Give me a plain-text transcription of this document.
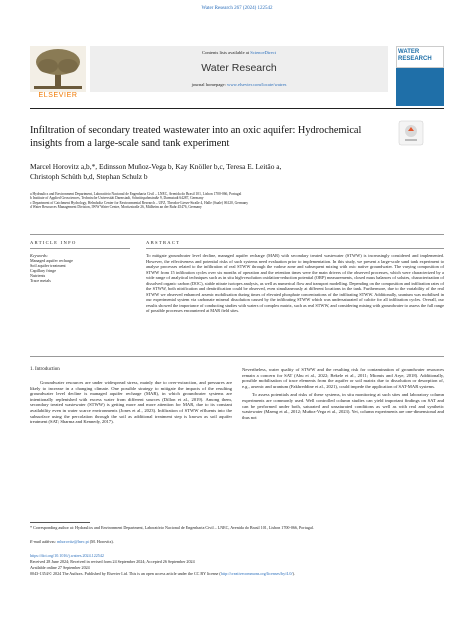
Water Research 267 (2024) 122542
ELSEVIER
Contents lists available at ScienceDirect
Water Research
journal homepage: www.elsevier.com/locate/watres
WATER RESEARCH
Infiltration of secondary treated wastewater into an oxic aquifer: Hydrochemical insights from a large-scale sand tank experiment
Marcel Horovitz a,b,*, Edinsson Muñoz-Vega b, Kay Knöller b,c, Teresa E. Leitão a,
Christoph Schüth b,d, Stephan Schulz b
a Hydraulics and Environment Department, Laboratório Nacional de Engenharia Civil – LNEC, Avenida do Brasil 101, Lisbon 1700-066, Portugal
b Institute of Applied Geosciences, Technische Universität Darmstadt, Schnittspahnstraße 9, Darmstadt 64287, Germany
c Department of Catchment Hydrology, Helmholtz Center for Environmental Research – UFZ, Theodor-Lieser-Straße 4, Halle (Saale) 06120, Germany
d Water Resources Management Division, IWW Water Centre, Moritzstraße 26, Mülheim an der Ruhr 45476, Germany
ARTICLE INFO
Keywords:
Managed aquifer recharge
Soil aquifer treatment
Capillary fringe
Nutrients
Trace metals
ABSTRACT
To mitigate groundwater level decline, managed aquifer recharge (MAR) with secondary treated wastewater (STWW) is increasingly considered and implemented. However, the effectiveness and potential risks of such systems need evaluation prior to implementation. In this study, we present a large-scale sand tank experiment to analyse processes related to the infiltration of real STWW through the vadose zone and subsequent mixing with oxic native groundwater. The varying composition of STWW from 15 infiltration cycles over six months of operation and the retention times were the main drivers of the observed processes, which were characterized by a wide range of analytical techniques such as in situ high-resolution oxidation-reduction potential (ORP) measurements, closed mass balances of solutes, characterization of dissolved organic carbon (DOC), stable nitrate isotopes analysis, as well as numerical flow and transport modelling. Depending on the composition and infiltration rates of the STWW, both nitrification and denitrification could be observed, even simultaneously at different locations in the tank. Furthermore, due to the variability of the real STWW we observed enhanced arsenic mobilisation during times of elevated phosphate concentrations of the infiltrating STWW. Additionally, uranium was mobilised in our experimental system via carbonate mineral dissolution caused by the infiltrating STWW which was undersaturated of calcite for all infiltration cycles. Overall, our results showed the importance of conducting studies with waters of complex matrix, such as real STWW, and considering mixing with groundwater to assess the full range of possible processes encountered at MAR field sites.
1. Introduction
Groundwater resources are under widespread stress, mainly due to over-extraction, and pressures are likely to increase in a changing climate. One possible strategy to mitigate the impacts of the resulting groundwater level decline is managed aquifer recharge (MAR), in which groundwater systems are intentionally replenished with excess water from different sources (Dillon et al., 2019). Among them, secondary treated wastewater (STWW) is getting more and more attention for MAR, due to its constant availability even in water scarce environments (Jones et al., 2023). Infiltration of STWW effluents into the subsurface using the percolation through the soil as additional treatment step is known as soil aquifer treatment (SAT; Sharma and Kennedy, 2017).
Nevertheless, water quality of STWW and the resulting risk for contamination of groundwater resources remain a concern for SAT (Abu et al., 2022; Bekele et al., 2011; Miomis and Arye, 2018). Additionally, possible mobilisation of trace elements from the aquifer or soil matrix due to dissolution or desorption of, e.g., arsenic and uranium (Fakhreddine et al., 2021), could impede the application of SAT-MAR systems.
To assess potentials and risks of these systems, in situ monitoring at such sites and laboratory column experiments are commonly used. Well controlled column studies can yield important findings on SAT and can be performed under both, saturated and unsaturated conditions as well as with real and synthetic wastewater (Maeng et al., 2012; Muñoz-Vega et al., 2023). Yet, column experiments are one-dimensional and thus not
* Corresponding author at: Hydraulics and Environment Department, Laboratório Nacional de Engenharia Civil – LNEC, Avenida do Brasil 101, Lisbon 1700-066, Portugal.
E-mail address: mhorovitz@lnec.pt (M. Horovitz).
https://doi.org/10.1016/j.watres.2024.122542
Received 28 June 2024; Received in revised form 24 September 2024; Accepted 26 September 2024
Available online 27 September 2024
0043-1354/© 2024 The Authors. Published by Elsevier Ltd. This is an open access article under the CC BY license (http://creativecommons.org/licenses/by/4.0/).
